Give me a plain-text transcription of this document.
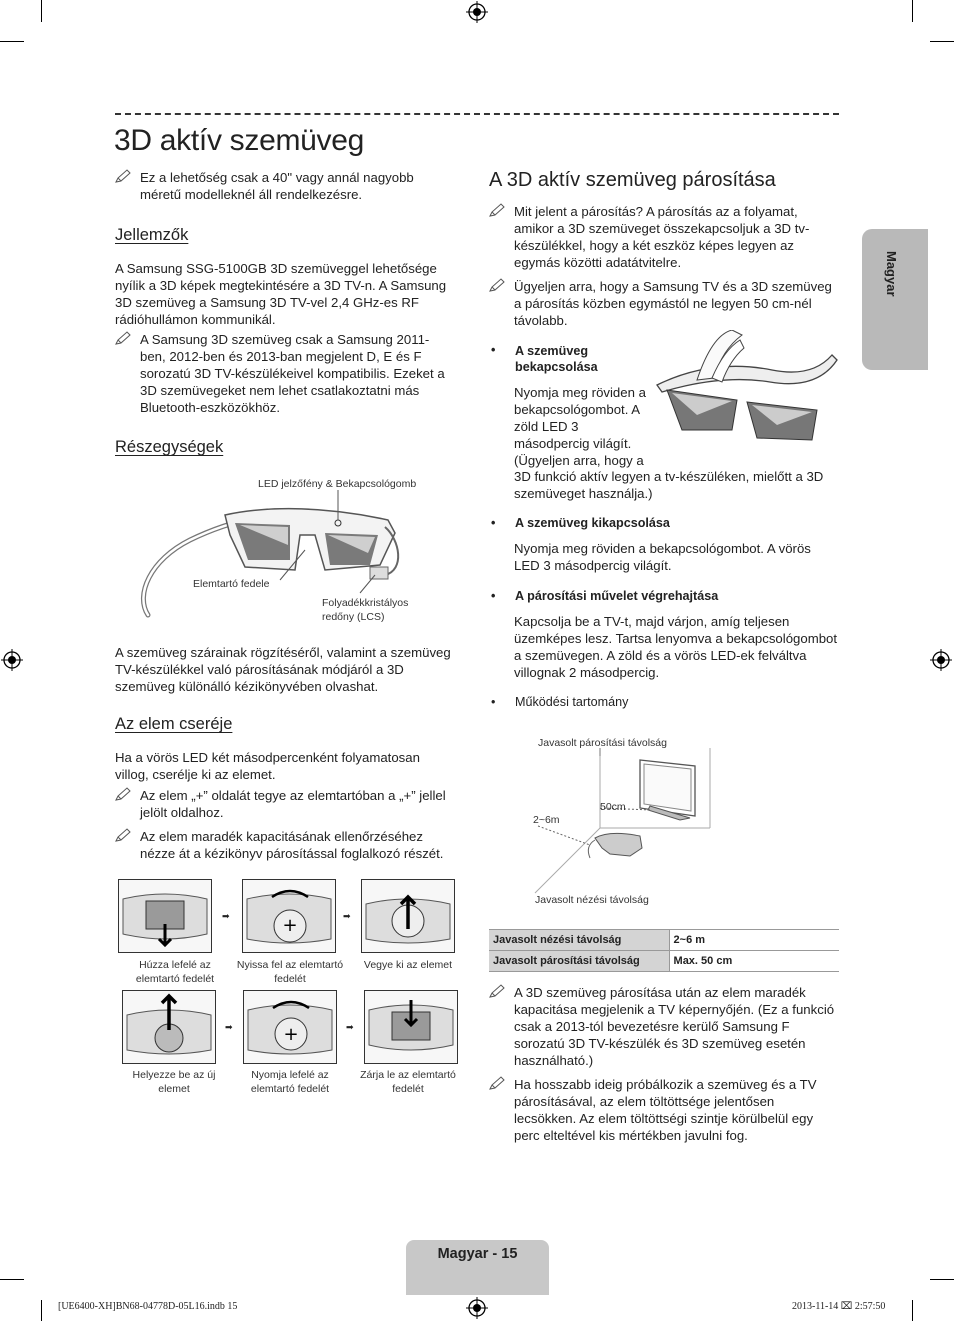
3D aktív szemüveg

Ez a lehetőség csak a 40" vagy annál nagyobb méretű modelleknél áll rendelkezésre.

Jellemzők

A Samsung SSG-5100GB 3D szemüveggel lehetősége nyílik a 3D képek megtekintésére a 3D TV-n. A Samsung 3D szemüveg a Samsung 3D TV-vel 2,4 GHz-es RF rádióhullámon kommunikál.

A Samsung 3D szemüveg csak a Samsung 2011-ben, 2012-ben és 2013-ban megjelent D, E és F sorozatú 3D TV-készülékeivel kompatibilis. Ezeket a 3D szemüvegeket nem lehet csatlakoztatni más Bluetooth-eszközökhöz.

Részegységek
LED jelzőfény & Bekapcsológomb
Elemtartó fedele
Folyadékkristályos redőny (LCS)

A szemüveg szárainak rögzítéséről, valamint a szemüveg TV-készülékkel való párosításának módjáról a 3D szemüveg különálló kézikönyvében olvashat.

Az elem cseréje

Ha a vörös LED két másodpercenként folyamatosan villog, cserélje ki az elemet.

Az elem „+” oldalát tegye az elemtartóban a „+” jellel jelölt oldalhoz.

Az elem maradék kapacitásának ellenőrzéséhez nézze át a kézikönyv párosítással foglalkozó részét.

+
+
➡	➡
➡	➡
Húzza lefelé az elemtartó fedelét
Nyissa fel az elemtartó fedelét
Vegye ki az elemet
Helyezze be az új elemet
Nyomja lefelé az elemtartó fedelét
Zárja le az elemtartó fedelét
A 3D aktív szemüveg párosítása

Mit jelent a párosítás? A párosítás az a folyamat, amikor a 3D szemüveget összekapcsoljuk a 3D tv-készülékkel, hogy a két eszköz képes legyen az egymás közötti adatátvitelre.

Ügyeljen arra, hogy a Samsung TV és a 3D szemüveg a párosítás közben egymástól ne legyen 50 cm-nél távolabb.

• A szemüveg bekapcsolása

Nyomja meg röviden a bekapcsológombot. A zöld LED 3 másodpercig világít. (Ügyeljen arra, hogy a

3D funkció aktív legyen a tv-készüléken, mielőtt a 3D szemüveget használja.)

• A szemüveg kikapcsolása

Nyomja meg röviden a bekapcsológombot. A vörös LED 3 másodpercig világít.

• A párosítási művelet végrehajtása

Kapcsolja be a TV-t, majd várjon, amíg teljesen üzemképes lesz. Tartsa lenyomva a bekapcsológombot a szemüvegen. A zöld és a vörös LED-ek felváltva villognak 2 másodpercig.

• Működési tartomány
Javasolt párosítási távolság
50cm
2~6m
Javasolt nézési távolság
Javasolt nézési távolság	2~6 m
Javasolt párosítási távolság	Max. 50 cm

A 3D szemüveg párosítása után az elem maradék kapacitása megjelenik a TV képernyőjén. (Ez a funkció csak a 2013-tól bevezetésre kerülő Samsung F sorozatú 3D TV-készülék és 3D szemüveg esetén használható.)

Ha hosszabb ideig próbálkozik a szemüveg és a TV párosításával, az elem töltöttsége jelentősen lecsökken. Az elem töltöttségi szintje körülbelül egy perc elteltével kis mértékben javulni fog.

Magyar
Magyar - 15
[UE6400-XH]BN68-04778D-05L16.indb 15	2013-11-14 ⌧ 2:57:50
